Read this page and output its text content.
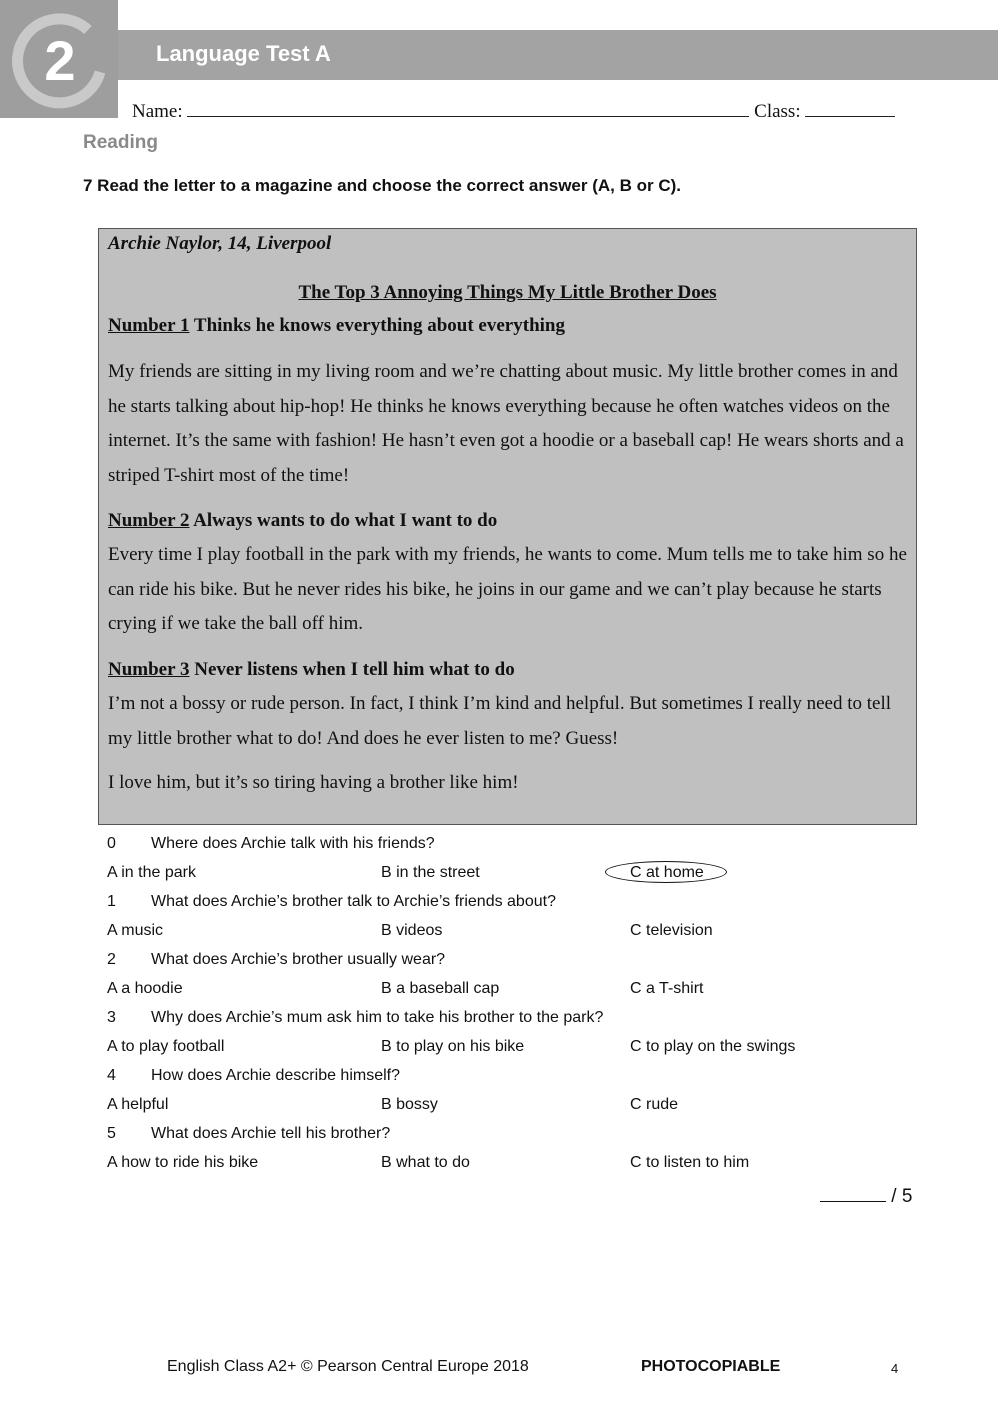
2	Language Test A
Name:	Class:
Reading
7 Read the letter to a magazine and choose the correct answer (A, B or C).
Archie Naylor, 14, Liverpool
The Top 3 Annoying Things My Little Brother Does
Number 1 Thinks he knows everything about everything
My friends are sitting in my living room and we’re chatting about music. My little brother comes in and he starts talking about hip-hop! He thinks he knows everything because he often watches videos on the internet. It’s the same with fashion! He hasn’t even got a hoodie or a baseball cap! He wears shorts and a striped T-shirt most of the time!
Number 2 Always wants to do what I want to do
Every time I play football in the park with my friends, he wants to come. Mum tells me to take him so he can ride his bike. But he never rides his bike, he joins in our game and we can’t play because he starts crying if we take the ball off him.
Number 3 Never listens when I tell him what to do
I’m not a bossy or rude person. In fact, I think I’m kind and helpful. But sometimes I really need to tell my little brother what to do! And does he ever listen to me? Guess!
I love him, but it’s so tiring having a brother like him!
0 Where does Archie talk with his friends?
A in the park	B in the street	C at home
1 What does Archie’s brother talk to Archie’s friends about?
A music	B videos	C television
2 What does Archie’s brother usually wear?
A a hoodie	B a baseball cap	C a T-shirt
3 Why does Archie’s mum ask him to take his brother to the park?
A to play football	B to play on his bike	C to play on the swings
4 How does Archie describe himself?
A helpful	B bossy	C rude
5 What does Archie tell his brother?
A how to ride his bike	B what to do	C to listen to him
/ 5
English Class A2+ © Pearson Central Europe 2018	PHOTOCOPIABLE	4
